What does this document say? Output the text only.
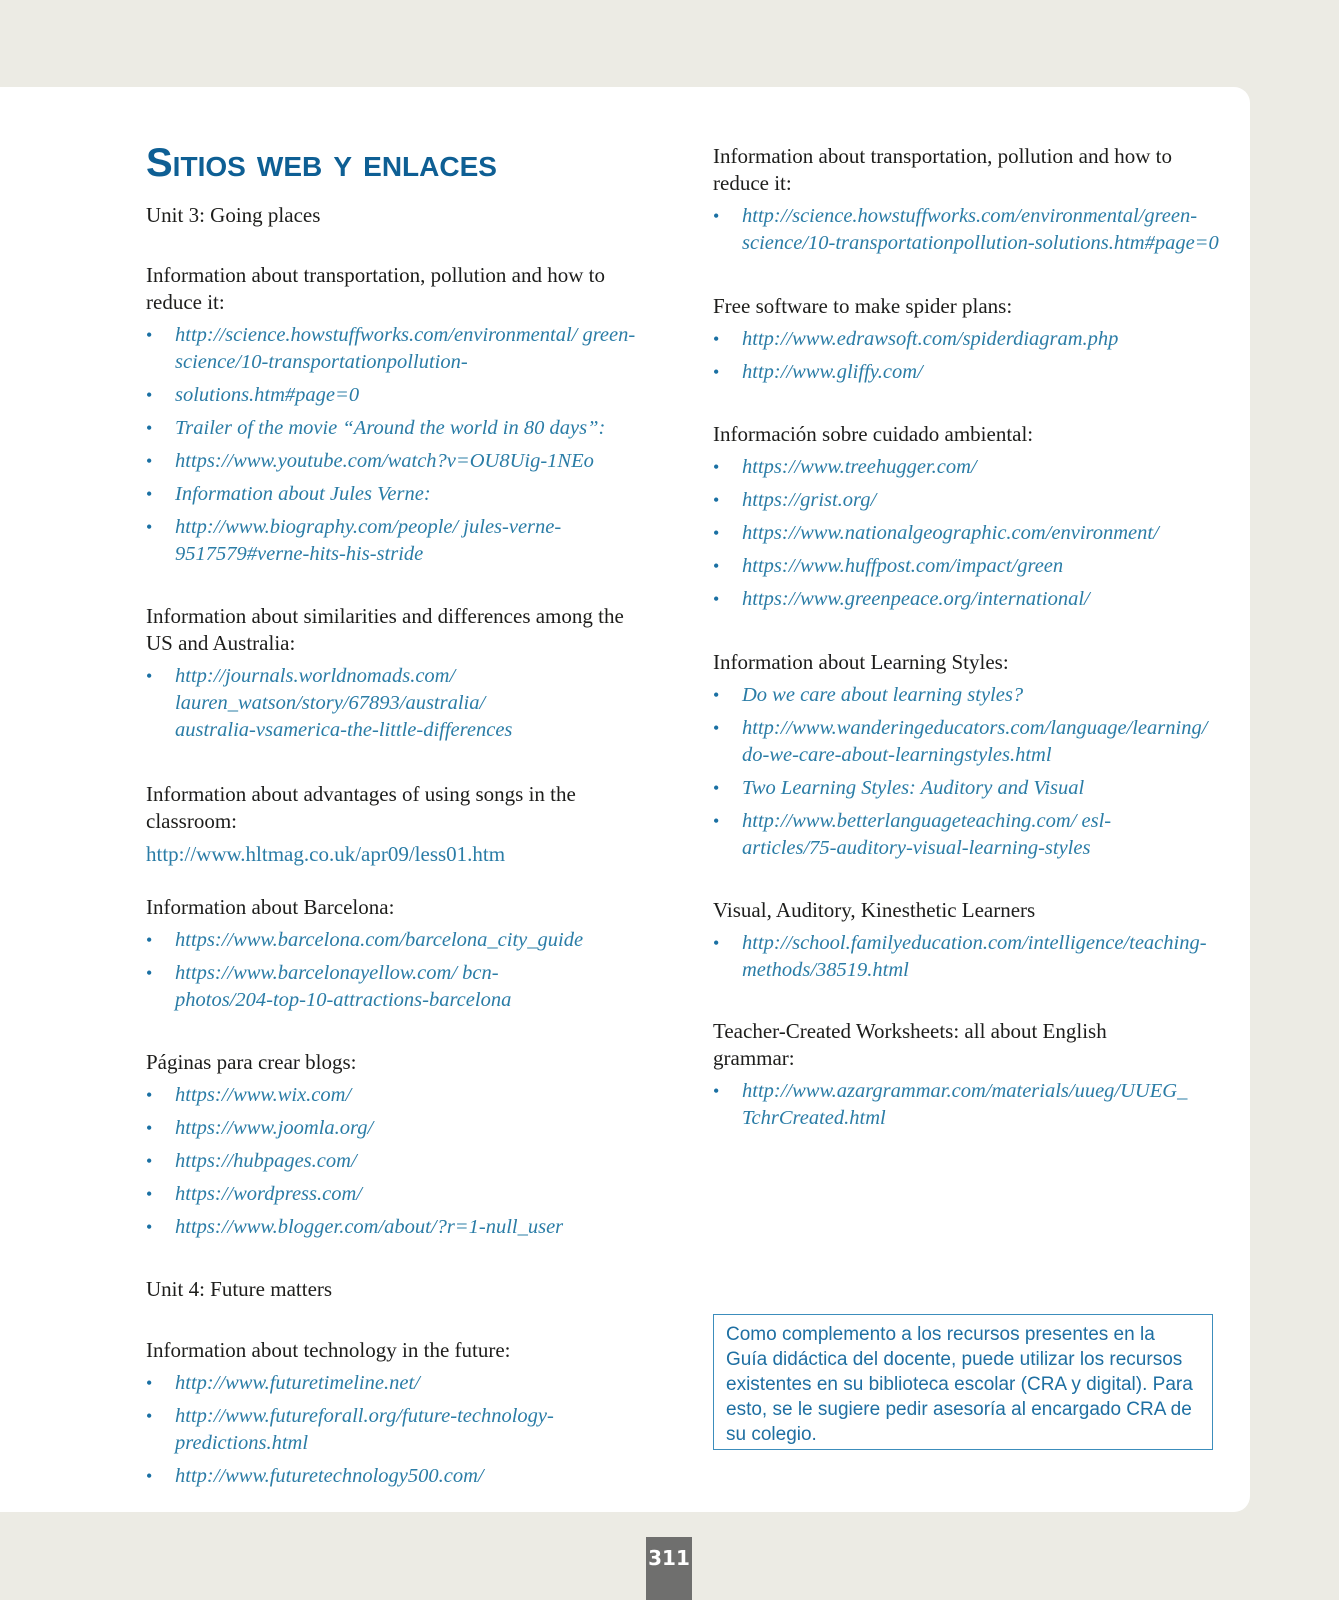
Sitios web y enlaces

Unit 3: Going places

Information about transportation, pollution and how to reduce it:
• http://science.howstuffworks.com/environmental/ green-science/10-transportationpollution-
• solutions.htm#page=0
• Trailer of the movie “Around the world in 80 days”:
• https://www.youtube.com/watch?v=OU8Uig-1NEo
• Information about Jules Verne:
• http://www.biography.com/people/ jules-verne-9517579#verne-hits-his-stride
Information about similarities and differences among the US and Australia:
• http://journals.worldnomads.com/ lauren_watson/story/67893/australia/ australia-vsamerica-the-little-differences
Information about advantages of using songs in the classroom:

http://www.hltmag.co.uk/apr09/less01.htm

Information about Barcelona:
• https://www.barcelona.com/barcelona_city_guide
• https://www.barcelonayellow.com/ bcn-photos/204-top-10-attractions-barcelona
Páginas para crear blogs:
• https://www.wix.com/
• https://www.joomla.org/
• https://hubpages.com/
• https://wordpress.com/
• https://www.blogger.com/about/?r=1-null_user

Unit 4: Future matters

Information about technology in the future:
• http://www.futuretimeline.net/
• http://www.futureforall.org/future-technology- predictions.html
• http://www.futuretechnology500.com/
Information about transportation, pollution and how to reduce it:
• http://science.howstuffworks.com/environmental/green- science/10-transportationpollution-solutions.htm#page=0
Free software to make spider plans:
• http://www.edrawsoft.com/spiderdiagram.php
• http://www.gliffy.com/
Información sobre cuidado ambiental:
• https://www.treehugger.com/
• https://grist.org/
• https://www.nationalgeographic.com/environment/
• https://www.huffpost.com/impact/green
• https://www.greenpeace.org/international/
Information about Learning Styles:
• Do we care about learning styles?
• http://www.wanderingeducators.com/language/learning/ do-we-care-about-learningstyles.html
• Two Learning Styles: Auditory and Visual
• http://www.betterlanguageteaching.com/ esl-articles/75-auditory-visual-learning-styles
Visual, Auditory, Kinesthetic Learners
• http://school.familyeducation.com/intelligence/teaching- methods/38519.html
Teacher-Created Worksheets: all about English grammar:
• http://www.azargrammar.com/materials/uueg/UUEG_ TchrCreated.html
Como complemento a los recursos presentes en la Guía didáctica del docente, puede utilizar los recursos existentes en su biblioteca escolar (CRA y digital). Para esto, se le sugiere pedir asesoría al encargado CRA de su colegio.
311
